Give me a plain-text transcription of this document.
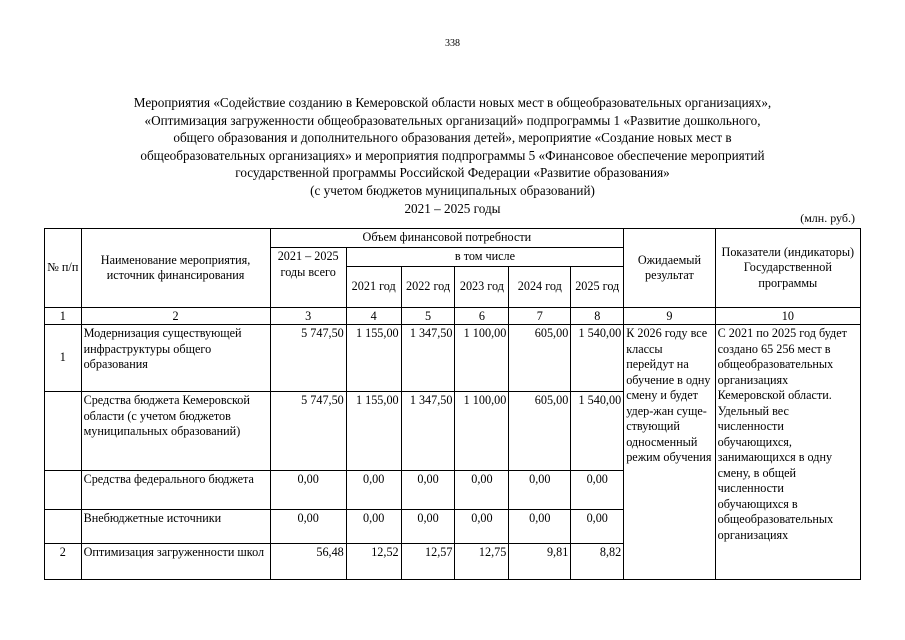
338
Мероприятия «Содействие созданию в Кемеровской области новых мест в общеобразовательных организациях»,
«Оптимизация загруженности общеобразовательных организаций» подпрограммы 1 «Развитие дошкольного,
общего образования и дополнительного образования детей», мероприятие «Создание новых мест в
общеобразовательных организациях» и мероприятия подпрограммы 5 «Финансовое обеспечение мероприятий
государственной программы Российской Федерации «Развитие образования»
(с учетом бюджетов муниципальных образований)
2021 – 2025 годы
(млн. руб.)
№ п/п	Наименование мероприятия, источник финансирования	Объем финансовой потребности						Ожидаемый результат	Показатели (индикаторы) Государственной программы
		2021 – 2025 годы всего	в том числе						
			2021 год	2022 год	2023 год	2024 год	2025 год		
1	2	3	4	5	6	7	8	9	10
1	Модернизация существующей инфраструктуры общего образования	5 747,50	1 155,00	1 347,50	1 100,00	605,00	1 540,00	К 2026 году все классы перейдут на обучение в одну смену и будет удер-жан суще-ствующий односменный режим обучения	С 2021 по 2025 год будет создано 65 256 мест в общеобразовательных организациях Кемеровской области. Удельный вес численности обучающихся, занимающихся в одну смену, в общей численности обучающихся в общеобразовательных организациях
	Средства бюджета Кемеровской области (с учетом бюджетов муниципальных образований)	5 747,50	1 155,00	1 347,50	1 100,00	605,00	1 540,00		
	Средства федерального бюджета	0,00	0,00	0,00	0,00	0,00	0,00		
	Внебюджетные источники	0,00	0,00	0,00	0,00	0,00	0,00		
2	Оптимизация загруженности школ	56,48	12,52	12,57	12,75	9,81	8,82		
